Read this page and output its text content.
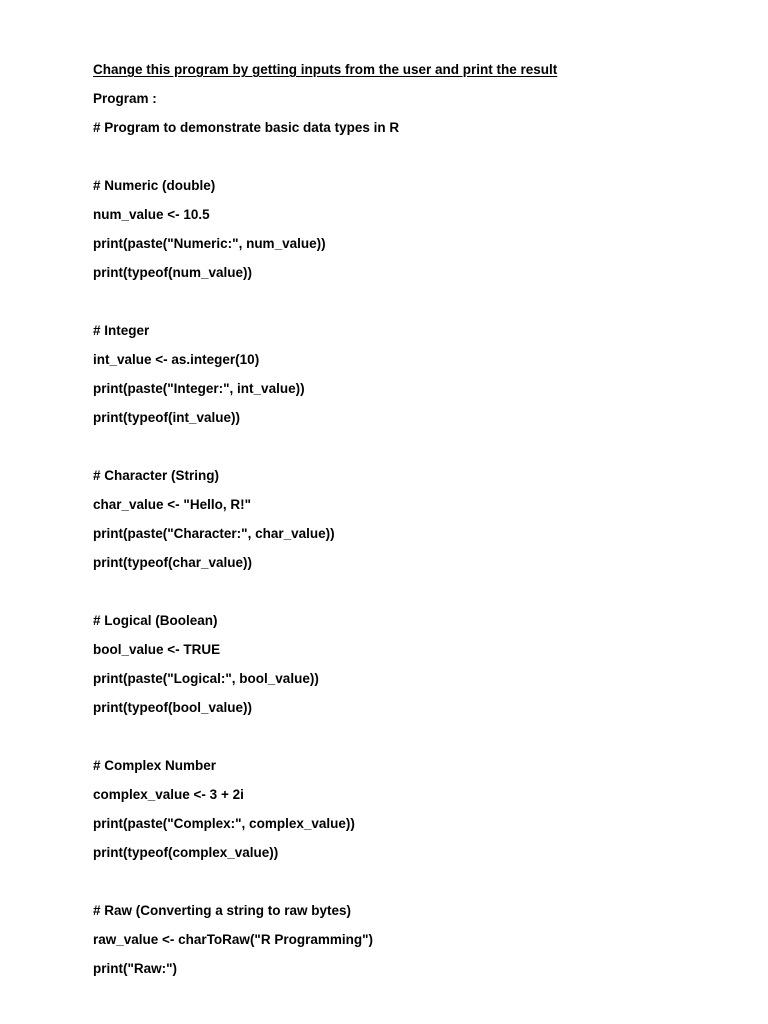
Change this program by getting inputs from the user and print the result
Program :
# Program to demonstrate basic data types in R
# Numeric (double)
num_value <- 10.5
print(paste("Numeric:", num_value))
print(typeof(num_value))
# Integer
int_value <- as.integer(10)
print(paste("Integer:", int_value))
print(typeof(int_value))
# Character (String)
char_value <- "Hello, R!"
print(paste("Character:", char_value))
print(typeof(char_value))
# Logical (Boolean)
bool_value <- TRUE
print(paste("Logical:", bool_value))
print(typeof(bool_value))
# Complex Number
complex_value <- 3 + 2i
print(paste("Complex:", complex_value))
print(typeof(complex_value))
# Raw (Converting a string to raw bytes)
raw_value <- charToRaw("R Programming")
print("Raw:")
